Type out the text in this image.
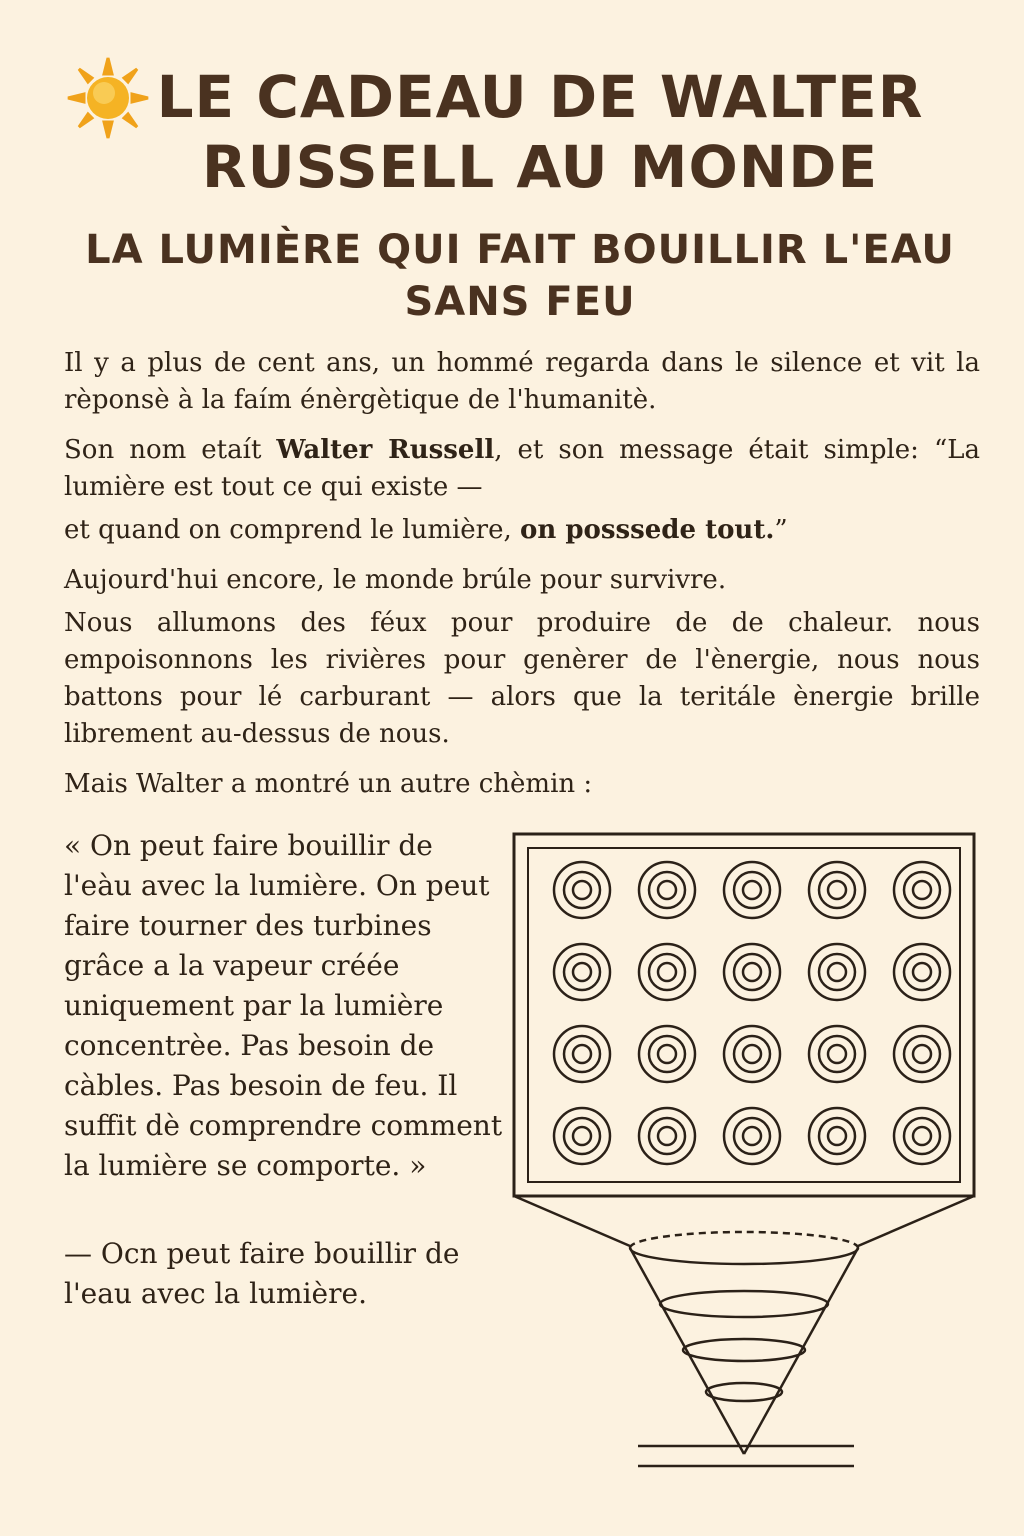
LE CADEAU DE WALTER RUSSELL AU MONDE
LA LUMIÈRE QUI FAIT BOUILLIR L'EAU SANS FEU

Il y a plus de cent ans, un hommé regarda dans le silence et vit la rèponsè à la faím énèrgètique de l'humanitè.

Son nom etaít Walter Russell, et son message était simple: “La lumière est tout ce qui existe —

et quand on comprend le lumière, on posssede tout.”

Aujourd'hui encore, le monde brúle pour survivre.

Nous allumons des féux pour produire de de chaleur. nous empoisonnons les rivières pour genèrer de l'ènergie, nous nous battons pour lé carburant — alors que la teritále ènergie brille librement au-dessus de nous.

Mais Walter a montré un autre chèmin :

« On peut faire bouillir de l'eàu avec la lumière. On peut faire tourner des turbines grâce a la vapeur créée uniquement par la lumière concentrèe. Pas besoin de càbles. Pas besoin de feu. Il suffit dè comprendre comment la lumière se comporte. »

— Ocn peut faire bouillir de l'eau avec la lumière.
